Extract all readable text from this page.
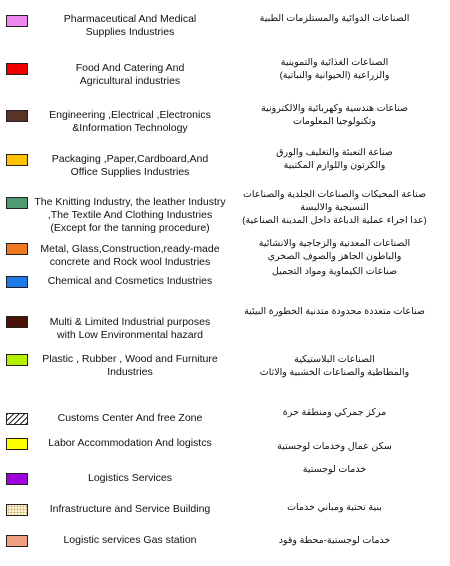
Pharmaceutical And Medical
Supplies Industries
الصناعات الدوائية والمستلزمات الطبية
Food And Catering And
Agricultural industries
الصناعات الغذائية والتموينية
والزراعية (الحيوانية والنباتية)
Engineering ,Electrical ,Electronics
&Information Technology
صناعات هندسية وكهربائية والالكترونية
وتكنولوجيا المعلومات
Packaging ,Paper,Cardboard,And
Office Supplies Industries
صناعة التعبئة والتغليف والورق
والكرتون واللوازم المكتبية
The Knitting Industry, the leather Industry
,The Textile And Clothing Industries
(Except for the tanning procedure)
صناعة المحيكات والصناعات الجلدية والصناعات
النسيجية والالبسة
(عدا اجراء عملية الدباغة داخل المدينة الصناعية)
Metal, Glass,Construction,ready-made
concrete and Rock wool Industries
الصناعات المعدنية والزجاجية والانشائية
والباطون الجاهز والصوف الصخري
Chemical and Cosmetics Industries
صناعات الكيماوية ومواد التجميل
Multi & Limited Industrial purposes
with Low Environmental hazard
صناعات متعددة محدودة متدنية الخطورة البيئية
Plastic , Rubber , Wood and Furniture
Industries
الصناعات البلاستيكية
والمطاطية والصناعات الخشبية والاثاث
Customs Center And free Zone	مركز جمركي ومنطقة حرة
Labor Accommodation And logistcs	سكن عمال وخدمات لوجستية
Logistics Services
خدمات لوجستية
Infrastructure and Service Building	بنية تحتية ومباني خدمات
Logistic services Gas station	خدمات لوجستية-محطة وقود
